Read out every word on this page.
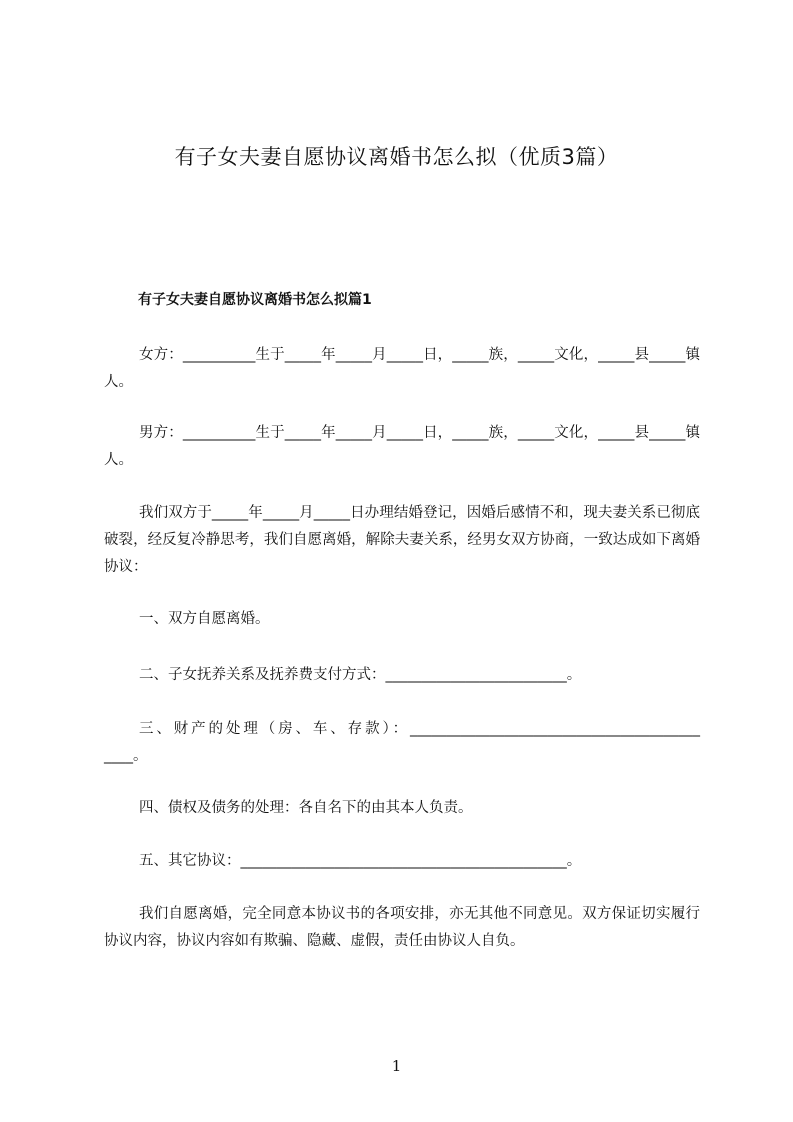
有子女夫妻自愿协议离婚书怎么拟（优质3篇）
有子女夫妻自愿协议离婚书怎么拟篇1

女方：__________生于_____年_____月_____日，_____族，_____文化，_____县_____镇人。

男方：__________生于_____年_____月_____日，_____族，_____文化，_____县_____镇人。

我们双方于_____年_____月_____日办理结婚登记，因婚后感情不和，现夫妻关系已彻底破裂，经反复冷静思考，我们自愿离婚，解除夫妻关系，经男女双方协商，一致达成如下离婚协议：

一、双方自愿离婚。

二、子女抚养关系及抚养费支付方式：_________________________。

三、财产的处理（房、车、存款）：________________________________________ ____。

四、债权及债务的处理：各自名下的由其本人负责。

五、其它协议：_____________________________________________。

我们自愿离婚，完全同意本协议书的各项安排，亦无其他不同意见。双方保证切实履行协议内容，协议内容如有欺骗、隐藏、虚假，责任由协议人自负。

1
